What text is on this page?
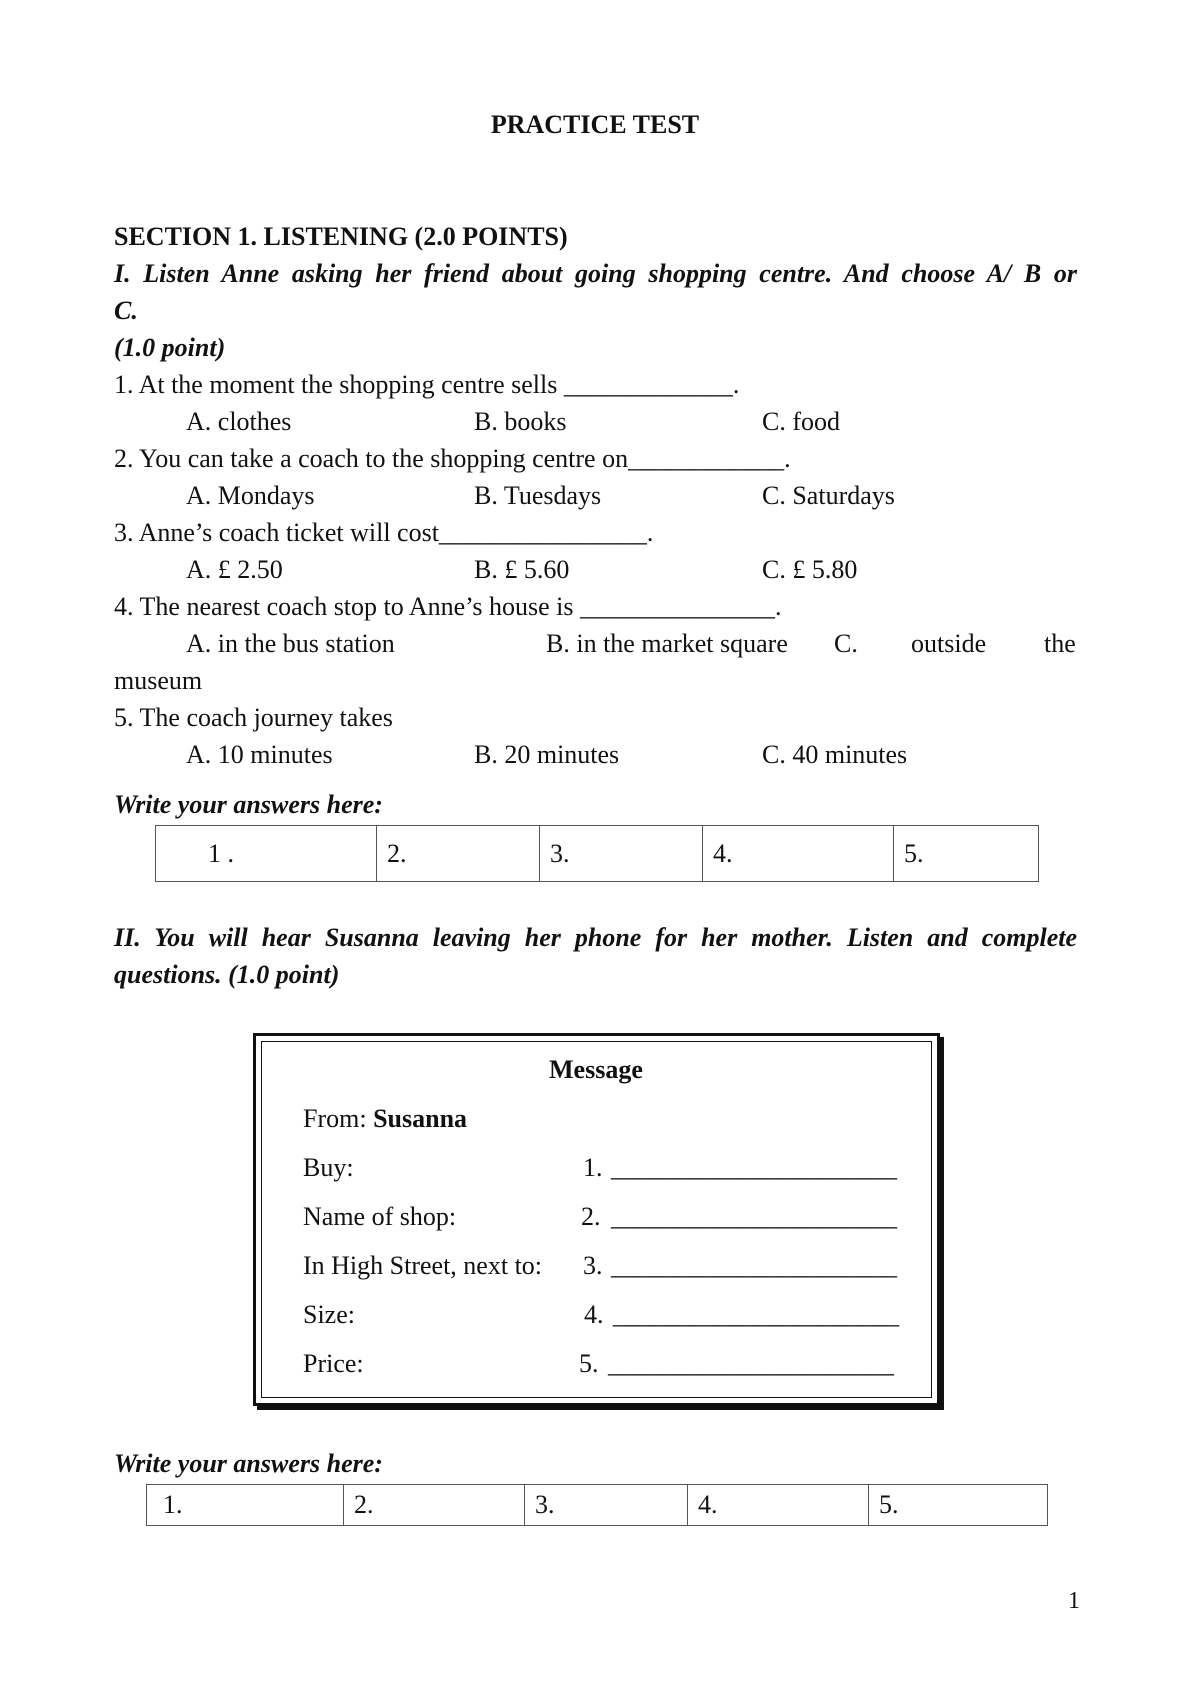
PRACTICE TEST
SECTION 1. LISTENING (2.0 POINTS)
I. Listen Anne asking her friend about going shopping centre. And choose A/ B or
C.
(1.0 point)
1. At the moment the shopping centre sells _____________.
A. clothes	B. books	C. food
2. You can take a coach to the shopping centre on____________.
A. Mondays	B. Tuesdays	C. Saturdays
3. Anne’s coach ticket will cost________________.
A. £ 2.50	B. £ 5.60	C. £ 5.80
4. The nearest coach stop to Anne’s house is _______________.
A. in the bus station	B. in the market square C. outside the
museum
5. The coach journey takes
A. 10 minutes	B. 20 minutes	C. 40 minutes
Write your answers here:
1 .	2.	3.	4.	5.
II. You will hear Susanna leaving her phone for her mother. Listen and complete
questions. (1.0 point)
Message
From: Susanna
Buy:	1. ______________________
Name of shop:	2. ______________________
In High Street, next to: 3. ______________________
Size:	4. ______________________
Price:	5. ______________________
Write your answers here:
1.	2.	3.	4.	5.
1
